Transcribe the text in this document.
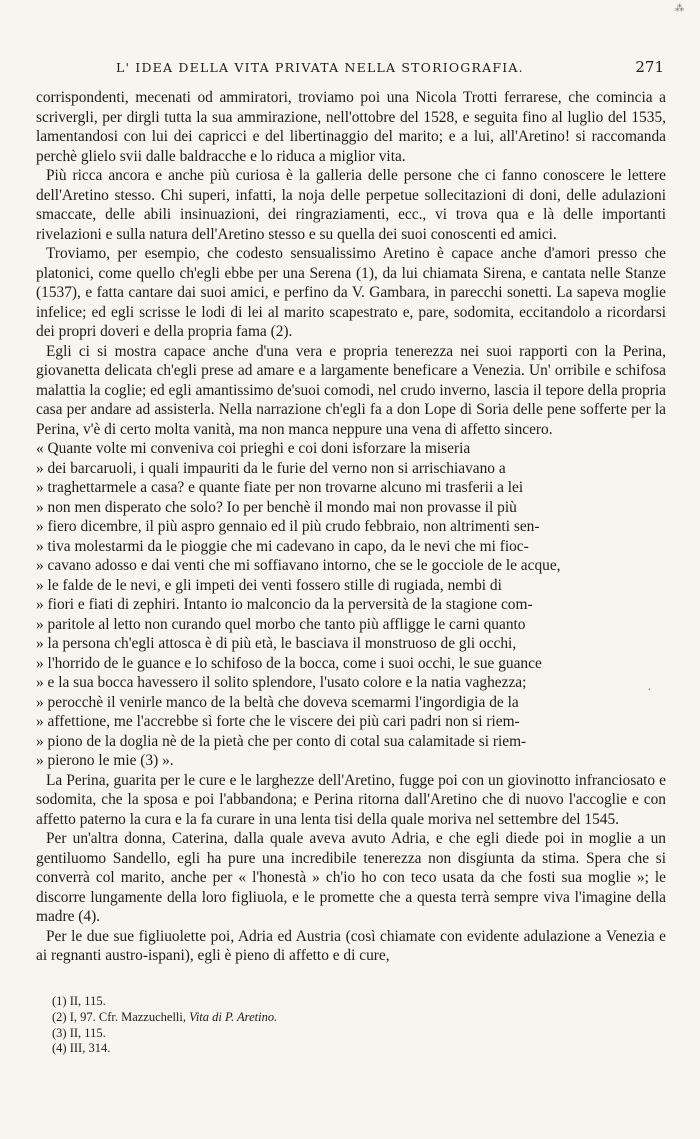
⁂
L' IDEA DELLA VITA PRIVATA NELLA STORIOGRAFIA.	271

corrispondenti, mecenati od ammiratori, troviamo poi una Nicola Trotti ferrarese, che comincia a scrivergli, per dirgli tutta la sua ammirazione, nell'ottobre del 1528, e seguita fino al luglio del 1535, lamentandosi con lui dei capricci e del libertinaggio del marito; e a lui, all'Aretino! si raccomanda perchè glielo svii dalle baldracche e lo riduca a miglior vita.

Più ricca ancora e anche più curiosa è la galleria delle persone che ci fanno conoscere le lettere dell'Aretino stesso. Chi superi, infatti, la noja delle perpetue sollecitazioni di doni, delle adulazioni smaccate, delle abili insinuazioni, dei ringraziamenti, ecc., vi trova qua e là delle importanti rivelazioni e sulla natura dell'Aretino stesso e su quella dei suoi conoscenti ed amici.

Troviamo, per esempio, che codesto sensualissimo Aretino è capace anche d'amori presso che platonici, come quello ch'egli ebbe per una Serena (1), da lui chiamata Sirena, e cantata nelle Stanze (1537), e fatta cantare dai suoi amici, e perfino da V. Gambara, in parecchi sonetti. La sapeva moglie infelice; ed egli scrisse le lodi di lei al marito scapestrato e, pare, sodomita, eccitandolo a ricordarsi dei propri doveri e della propria fama (2).

Egli ci si mostra capace anche d'una vera e propria tenerezza nei suoi rapporti con la Perina, giovanetta delicata ch'egli prese ad amare e a largamente beneficare a Venezia. Un' orribile e schifosa malattia la coglie; ed egli amantissimo de'suoi comodi, nel crudo inverno, lascia il tepore della propria casa per andare ad assisterla. Nella narrazione ch'egli fa a don Lope di Soria delle pene sofferte per la Perina, v'è di certo molta vanità, ma non manca neppure una vena di affetto sincero.

« Quante volte mi conveniva coi prieghi e coi doni isforzare la miseria
» dei barcaruoli, i quali impauriti da le furie del verno non si arrischiavano a
» traghettarmele a casa? e quante fiate per non trovarne alcuno mi trasferii a lei
» non men disperato che solo? Io per benchè il mondo mai non provasse il più
» fiero dicembre, il più aspro gennaio ed il più crudo febbraio, non altrimenti sen-
» tiva molestarmi da le pioggie che mi cadevano in capo, da le nevi che mi fioc-
» cavano adosso e dai venti che mi soffiavano intorno, che se le gocciole de le acque,
» le falde de le nevi, e gli impeti dei venti fossero stille di rugiada, nembi di
» fiori e fiati di zephiri. Intanto io malconcio da la perversità de la stagione com-
» paritole al letto non curando quel morbo che tanto più affligge le carni quanto
» la persona ch'egli attosca è di più età, le basciava il monstruoso de gli occhi,
» l'horrido de le guance e lo schifoso de la bocca, come i suoi occhi, le sue guance
» e la sua bocca havessero il solito splendore, l'usato colore e la natia vaghezza;
» perocchè il venirle manco de la beltà che doveva scemarmi l'ingordigia de la
» affettione, me l'accrebbe sì forte che le viscere dei più cari padri non si riem-
» piono de la doglia nè de la pietà che per conto di cotal sua calamitade si riem-
» pierono le mie (3) ».

La Perina, guarita per le cure e le larghezze dell'Aretino, fugge poi con un giovinotto infranciosato e sodomita, che la sposa e poi l'abbandona; e Perina ritorna dall'Aretino che di nuovo l'accoglie e con affetto paterno la cura e la fa curare in una lenta tisi della quale moriva nel settembre del 1545.

Per un'altra donna, Caterina, dalla quale aveva avuto Adria, e che egli diede poi in moglie a un gentiluomo Sandello, egli ha pure una incredibile tenerezza non disgiunta da stima. Spera che si converrà col marito, anche per « l'honestà » ch'io ho con teco usata da che fosti sua moglie »; le discorre lungamente della loro figliuola, e le promette che a questa terrà sempre viva l'imagine della madre (4).

Per le due sue figliuolette poi, Adria ed Austria (così chiamate con evidente adulazione a Venezia e ai regnanti austro-ispani), egli è pieno di affetto e di cure,

·
(1) II, 115.
(2) I, 97. Cfr. Mazzuchelli, Vita di P. Aretino.
(3) II, 115.
(4) III, 314.
